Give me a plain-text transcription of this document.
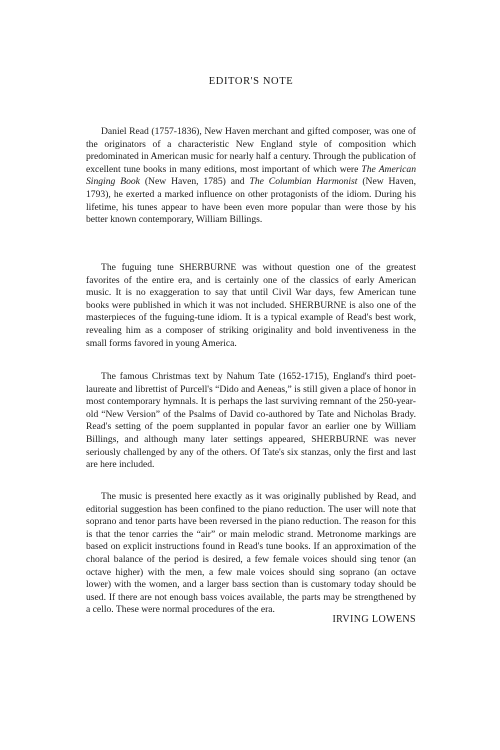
EDITOR'S NOTE

Daniel Read (1757-1836), New Haven merchant and gifted composer, was one of the originators of a characteristic New England style of composition which predominated in American music for nearly half a century. Through the publication of excellent tune books in many editions, most important of which were The American Singing Book (New Haven, 1785) and The Columbian Harmonist (New Haven, 1793), he exerted a marked influence on other protagonists of the idiom. During his lifetime, his tunes appear to have been even more popular than were those by his better known contemporary, William Billings.

The fuguing tune SHERBURNE was without question one of the greatest favorites of the entire era, and is certainly one of the classics of early American music. It is no exaggeration to say that until Civil War days, few American tune books were published in which it was not included. SHERBURNE is also one of the masterpieces of the fuguing-tune idiom. It is a typical example of Read's best work, revealing him as a composer of striking originality and bold inventiveness in the small forms favored in young America.

The famous Christmas text by Nahum Tate (1652-1715), England's third poet-laureate and librettist of Purcell's “Dido and Aeneas,” is still given a place of honor in most contemporary hymnals. It is perhaps the last surviving remnant of the 250-year-old “New Version” of the Psalms of David co-authored by Tate and Nicholas Brady. Read's setting of the poem supplanted in popular favor an earlier one by William Billings, and although many later settings appeared, SHERBURNE was never seriously challenged by any of the others. Of Tate's six stanzas, only the first and last are here included.

The music is presented here exactly as it was originally published by Read, and editorial suggestion has been confined to the piano reduction. The user will note that soprano and tenor parts have been reversed in the piano reduction. The reason for this is that the tenor carries the “air” or main melodic strand. Metronome markings are based on explicit instructions found in Read's tune books. If an approximation of the choral balance of the period is desired, a few female voices should sing tenor (an octave higher) with the men, a few male voices should sing soprano (an octave lower) with the women, and a larger bass section than is customary today should be used. If there are not enough bass voices available, the parts may be strengthened by a cello. These were normal procedures of the era.

IRVING LOWENS
